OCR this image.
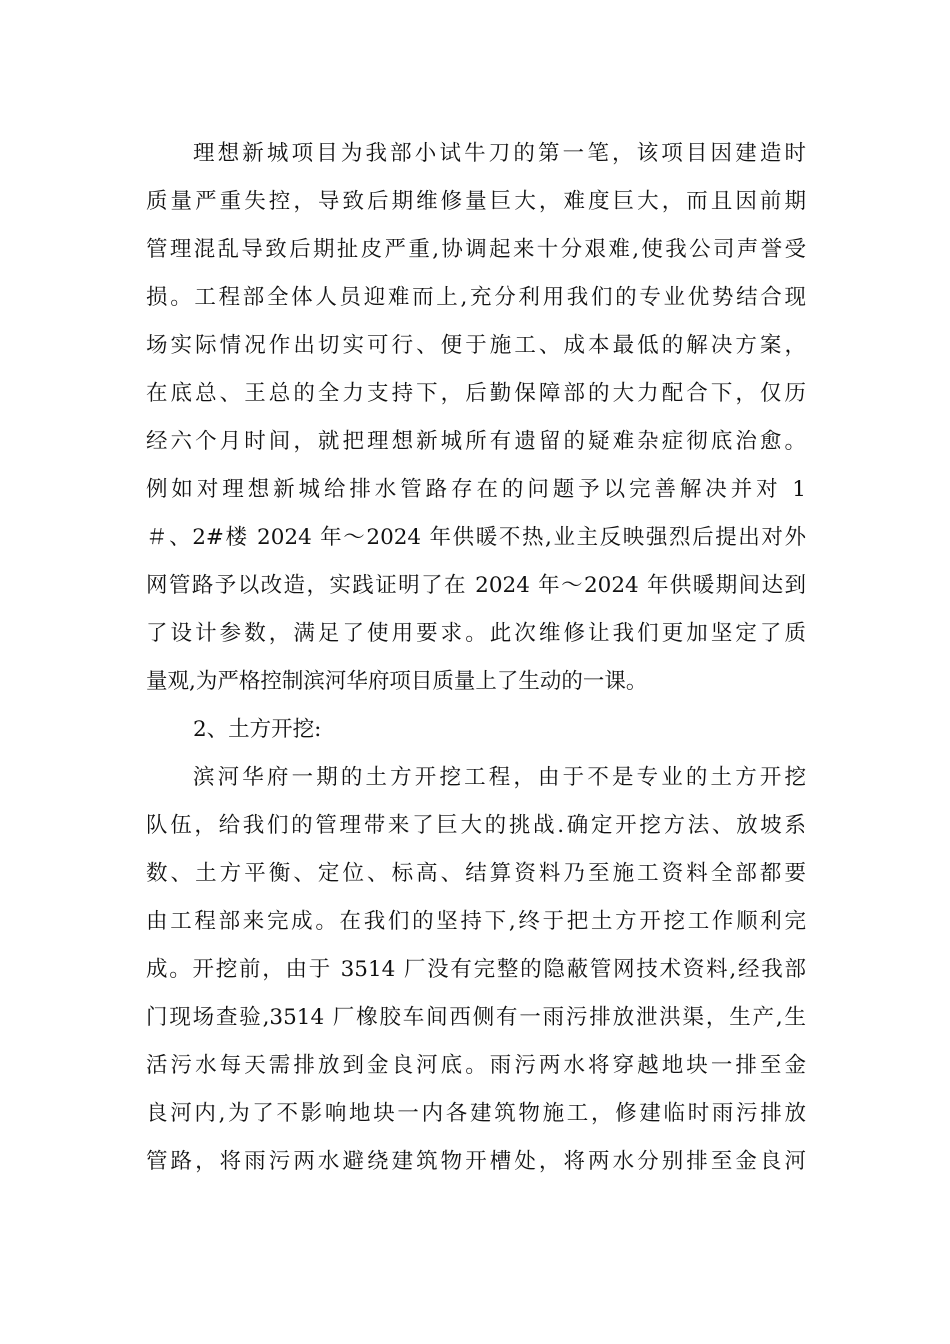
理想新城项目为我部小试牛刀的第一笔，该项目因建造时
质量严重失控，导致后期维修量巨大，难度巨大，而且因前期
管理混乱导致后期扯皮严重,协调起来十分艰难,使我公司声誉受
损。工程部全体人员迎难而上,充分利用我们的专业优势结合现
场实际情况作出切实可行、便于施工、成本最低的解决方案，
在底总、王总的全力支持下，后勤保障部的大力配合下，仅历
经六个月时间，就把理想新城所有遗留的疑难杂症彻底治愈。
例如对理想新城给排水管路存在的问题予以完善解决并对 1
＃、2#楼 2024 年～2024 年供暖不热,业主反映强烈后提出对外
网管路予以改造，实践证明了在 2024 年～2024 年供暖期间达到
了设计参数，满足了使用要求。此次维修让我们更加坚定了质
量观,为严格控制滨河华府项目质量上了生动的一课。
2、土方开挖:
滨河华府一期的土方开挖工程，由于不是专业的土方开挖
队伍，给我们的管理带来了巨大的挑战.确定开挖方法、放坡系
数、土方平衡、定位、标高、结算资料乃至施工资料全部都要
由工程部来完成。在我们的坚持下,终于把土方开挖工作顺利完
成。开挖前，由于 3514 厂没有完整的隐蔽管网技术资料,经我部
门现场查验,3514 厂橡胶车间西侧有一雨污排放泄洪渠，生产,生
活污水每天需排放到金良河底。雨污两水将穿越地块一排至金
良河内,为了不影响地块一内各建筑物施工，修建临时雨污排放
管路，将雨污两水避绕建筑物开槽处，将两水分别排至金良河
